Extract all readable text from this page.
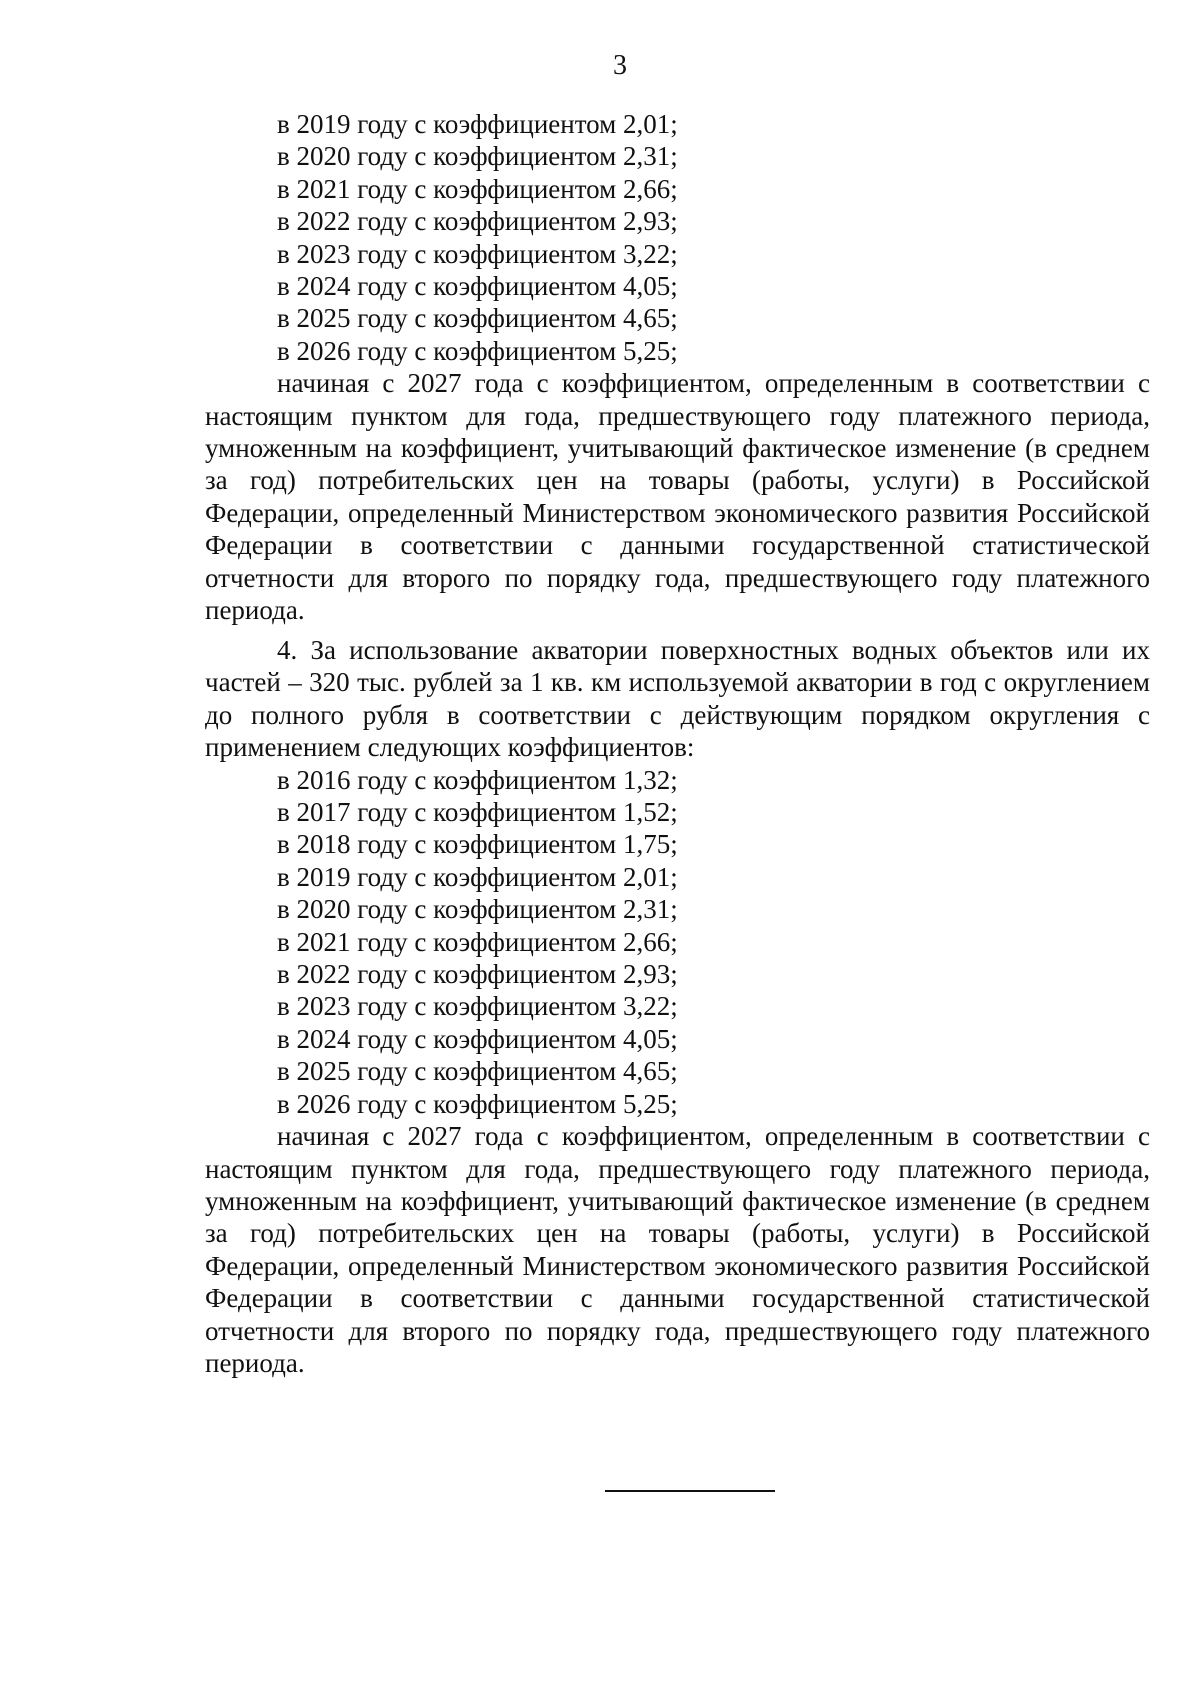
3
в 2019 году с коэффициентом 2,01;
в 2020 году с коэффициентом 2,31;
в 2021 году с коэффициентом 2,66;
в 2022 году с коэффициентом 2,93;
в 2023 году с коэффициентом 3,22;
в 2024 году с коэффициентом 4,05;
в 2025 году с коэффициентом 4,65;
в 2026 году с коэффициентом 5,25;

начиная с 2027 года с коэффициентом, определенным в соответствии с настоящим пунктом для года, предшествующего году платежного периода, умноженным на коэффициент, учитывающий фактическое изменение (в среднем за год) потребительских цен на товары (работы, услуги) в Российской Федерации, определенный Министерством экономического развития Российской Федерации в соответствии с данными государственной статистической отчетности для второго по порядку года, предшествующего году платежного периода.

4. За использование акватории поверхностных водных объектов или их частей – 320 тыс. рублей за 1 кв. км используемой акватории в год с округлением до полного рубля в соответствии с действующим порядком округления с применением следующих коэффициентов:

в 2016 году с коэффициентом 1,32;
в 2017 году с коэффициентом 1,52;
в 2018 году с коэффициентом 1,75;
в 2019 году с коэффициентом 2,01;
в 2020 году с коэффициентом 2,31;
в 2021 году с коэффициентом 2,66;
в 2022 году с коэффициентом 2,93;
в 2023 году с коэффициентом 3,22;
в 2024 году с коэффициентом 4,05;
в 2025 году с коэффициентом 4,65;
в 2026 году с коэффициентом 5,25;

начиная с 2027 года с коэффициентом, определенным в соответствии с настоящим пунктом для года, предшествующего году платежного периода, умноженным на коэффициент, учитывающий фактическое изменение (в среднем за год) потребительских цен на товары (работы, услуги) в Российской Федерации, определенный Министерством экономического развития Российской Федерации в соответствии с данными государственной статистической отчетности для второго по порядку года, предшествующего году платежного периода.
